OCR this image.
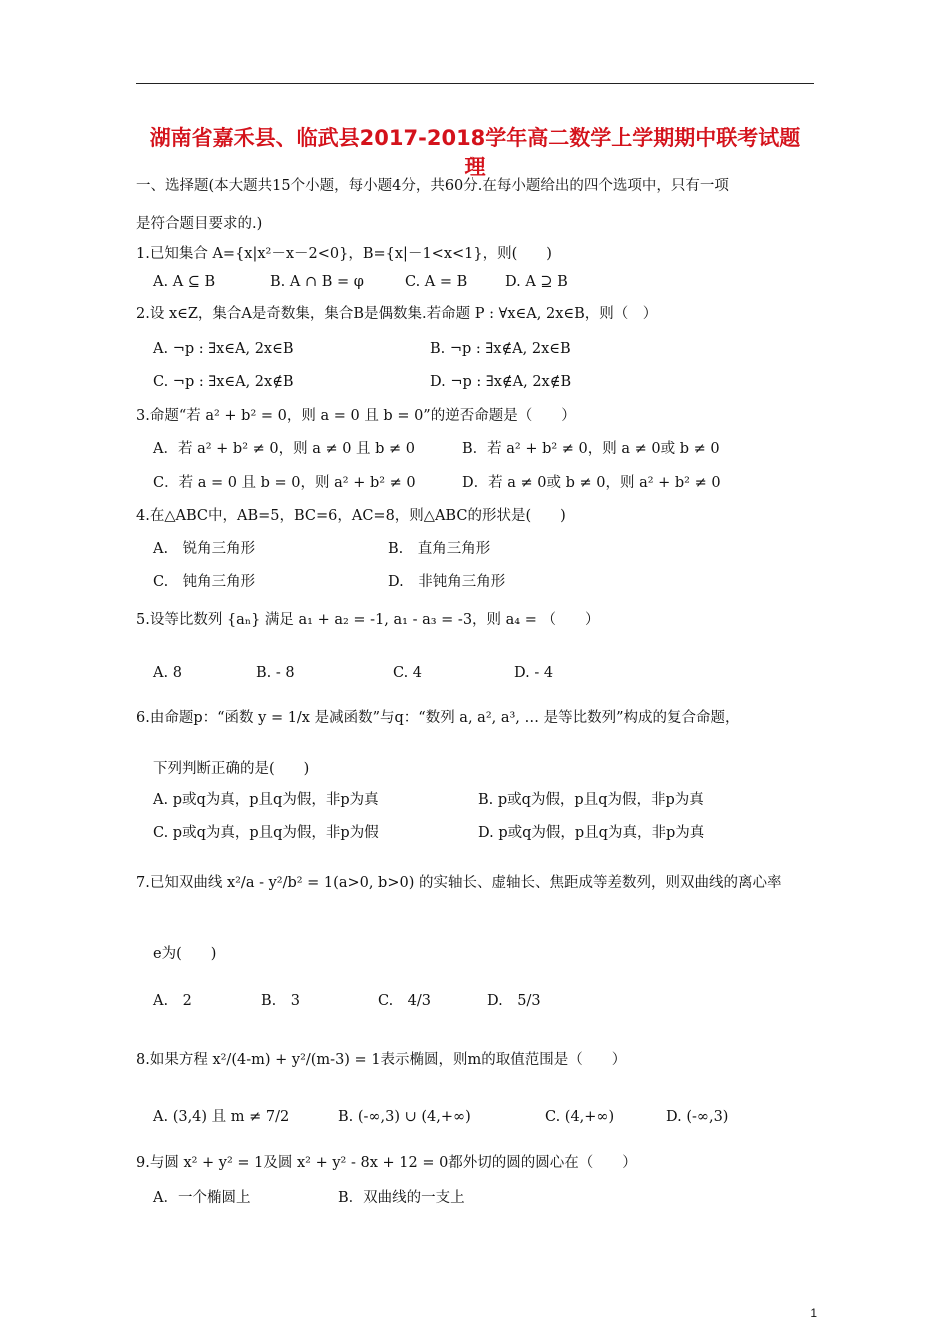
湖南省嘉禾县、临武县2017-2018学年高二数学上学期期中联考试题
理
一、选择题(本大题共15个小题，每小题4分，共60分.在每小题给出的四个选项中，只有一项
是符合题目要求的.)
1.已知集合 A={x|x²－x－2<0}，B={x|－1<x<1}，则(　　)
A. A ⊆ B	B. A ∩ B = φ	C. A = B	D. A ⊇ B
2.设 x∈Z，集合A是奇数集，集合B是偶数集.若命题 P : ∀x∈A, 2x∈B，则（　）
A. ¬p : ∃x∈A, 2x∈B	B. ¬p : ∃x∉A, 2x∈B
C. ¬p : ∃x∈A, 2x∉B	D. ¬p : ∃x∉A, 2x∉B
3.命题“若 a² + b² = 0，则 a = 0 且 b = 0”的逆否命题是（　　）
A．若 a² + b² ≠ 0，则 a ≠ 0 且 b ≠ 0	B．若 a² + b² ≠ 0，则 a ≠ 0或 b ≠ 0
C．若 a = 0 且 b = 0，则 a² + b² ≠ 0	D．若 a ≠ 0或 b ≠ 0，则 a² + b² ≠ 0
4.在△ABC中，AB=5，BC=6，AC=8，则△ABC的形状是(　　)
A.　锐角三角形	B.　直角三角形
C.　钝角三角形	D.　非钝角三角形
5.设等比数列 {aₙ} 满足 a₁ + a₂ = -1, a₁ - a₃ = -3，则 a₄ = （　　）
A. 8	B. - 8	C. 4	D. - 4
6.由命题p：“函数 y = 1/x 是减函数”与q：“数列 a, a², a³, … 是等比数列”构成的复合命题，
下列判断正确的是(　　)
A. p或q为真，p且q为假，非p为真	B. p或q为假，p且q为假，非p为真
C. p或q为真，p且q为假，非p为假	D. p或q为假，p且q为真，非p为真
7.已知双曲线 x²/a - y²/b² = 1(a>0, b>0) 的实轴长、虚轴长、焦距成等差数列，则双曲线的离心率
e为(　　)
A.　2	B.　3	C.　4/3	D.　5/3
8.如果方程 x²/(4-m) + y²/(m-3) = 1表示椭圆，则m的取值范围是（　　）
A. (3,4) 且 m ≠ 7/2	B. (-∞,3) ∪ (4,+∞)	C. (4,+∞)	D. (-∞,3)
9.与圆 x² + y² = 1及圆 x² + y² - 8x + 12 = 0都外切的圆的圆心在（　　）
A．一个椭圆上	B．双曲线的一支上
1
